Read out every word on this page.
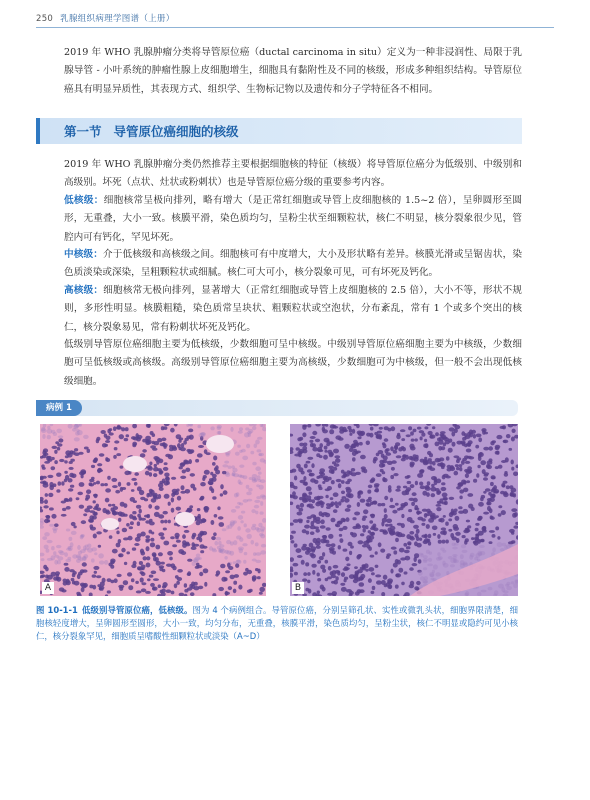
250 乳腺组织病理学图谱（上册）

2019 年 WHO 乳腺肿瘤分类将导管原位癌（ductal carcinoma in situ）定义为一种非浸润性、局限于乳腺导管 - 小叶系统的肿瘤性腺上皮细胞增生，细胞具有黏附性及不同的核级，形成多种组织结构。导管原位癌具有明显异质性，其表现方式、组织学、生物标记物以及遗传和分子学特征各不相同。

第一节 导管原位癌细胞的核级

2019 年 WHO 乳腺肿瘤分类仍然推荐主要根据细胞核的特征（核级）将导管原位癌分为低级别、中级别和高级别。坏死（点状、灶状或粉刺状）也是导管原位癌分级的重要参考内容。

低核级：细胞核常呈极向排列，略有增大（是正常红细胞或导管上皮细胞核的 1.5~2 倍），呈卵圆形至圆形，无重叠，大小一致。核膜平滑，染色质均匀，呈粉尘状至细颗粒状，核仁不明显，核分裂象很少见，管腔内可有钙化，罕见坏死。

中核级：介于低核级和高核级之间。细胞核可有中度增大，大小及形状略有差异。核膜光滑或呈锯齿状，染色质淡染或深染，呈粗颗粒状或细腻。核仁可大可小，核分裂象可见，可有坏死及钙化。

高核级：细胞核常无极向排列，显著增大（正常红细胞或导管上皮细胞核的 2.5 倍），大小不等，形状不规则，多形性明显。核膜粗糙，染色质常呈块状、粗颗粒状或空泡状，分布紊乱，常有 1 个或多个突出的核仁，核分裂象易见，常有粉刺状坏死及钙化。

低级别导管原位癌细胞主要为低核级，少数细胞可呈中核级。中级别导管原位癌细胞主要为中核级，少数细胞可呈低核级或高核级。高级别导管原位癌细胞主要为高核级，少数细胞可为中核级，但一般不会出现低核级细胞。

病例 1
A	B

图 10-1-1 低级别导管原位癌，低核级。图为 4 个病例组合。导管原位癌，分别呈筛孔状、实性或微乳头状，细胞界限清楚，细胞核轻度增大，呈卵圆形至圆形，大小一致，均匀分布，无重叠，核膜平滑，染色质均匀，呈粉尘状，核仁不明显或隐约可见小核仁，核分裂象罕见，细胞质呈嗜酸性细颗粒状或淡染（A~D）
